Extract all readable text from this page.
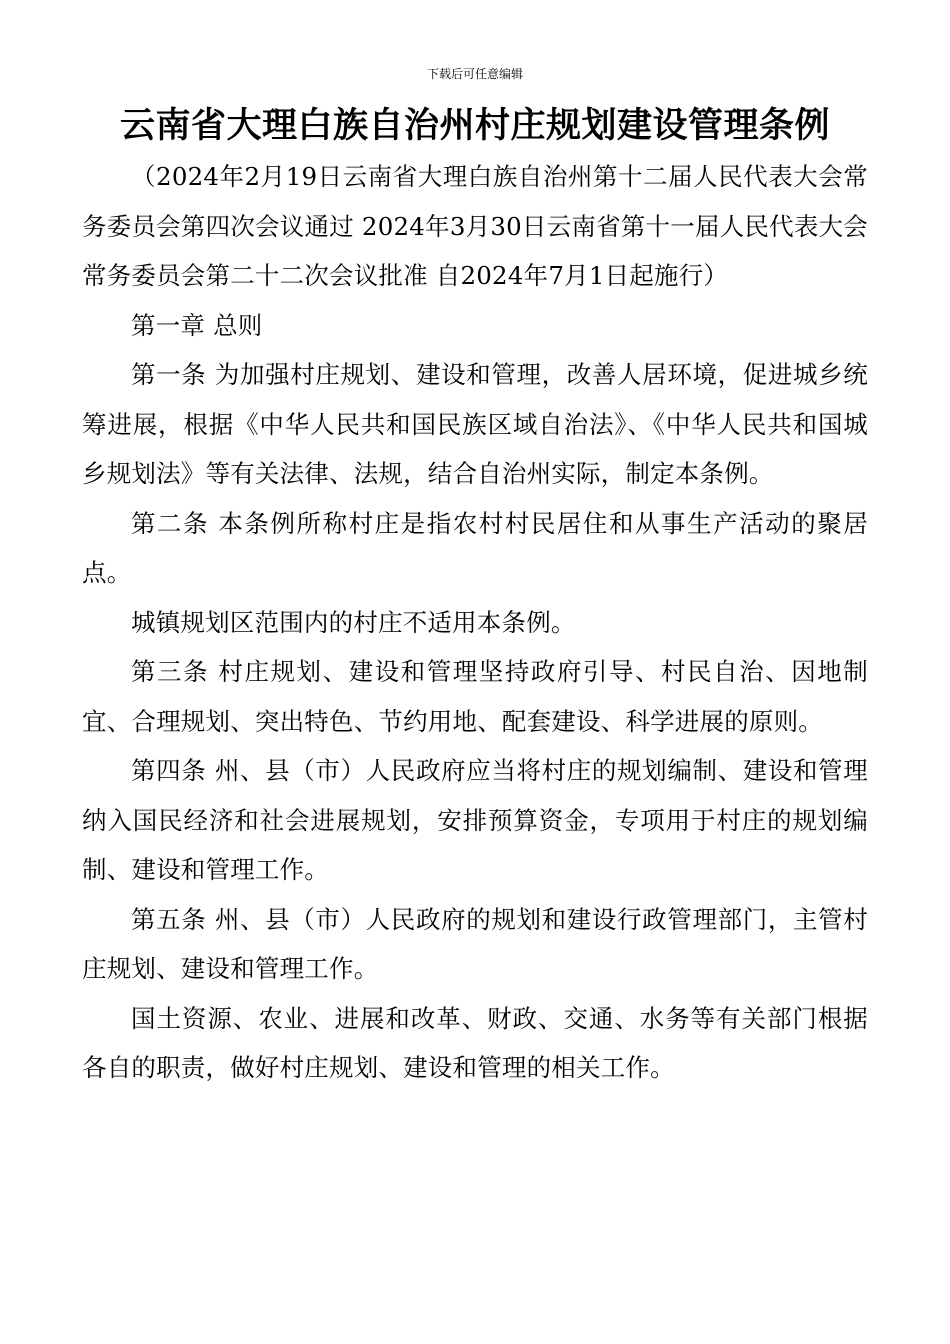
下载后可任意编辑
云南省大理白族自治州村庄规划建设管理条例

（2024年2月19日云南省大理白族自治州第十二届人民代表大会常务委员会第四次会议通过 2024年3月30日云南省第十一届人民代表大会常务委员会第二十二次会议批准 自2024年7月1日起施行）

第一章 总则

第一条 为加强村庄规划、建设和管理，改善人居环境，促进城乡统筹进展，根据《中华人民共和国民族区域自治法》、《中华人民共和国城乡规划法》等有关法律、法规，结合自治州实际，制定本条例。

第二条 本条例所称村庄是指农村村民居住和从事生产活动的聚居点。

城镇规划区范围内的村庄不适用本条例。

第三条 村庄规划、建设和管理坚持政府引导、村民自治、因地制宜、合理规划、突出特色、节约用地、配套建设、科学进展的原则。

第四条 州、县（市）人民政府应当将村庄的规划编制、建设和管理纳入国民经济和社会进展规划，安排预算资金，专项用于村庄的规划编制、建设和管理工作。

第五条 州、县（市）人民政府的规划和建设行政管理部门，主管村庄规划、建设和管理工作。

国土资源、农业、进展和改革、财政、交通、水务等有关部门根据各自的职责，做好村庄规划、建设和管理的相关工作。
